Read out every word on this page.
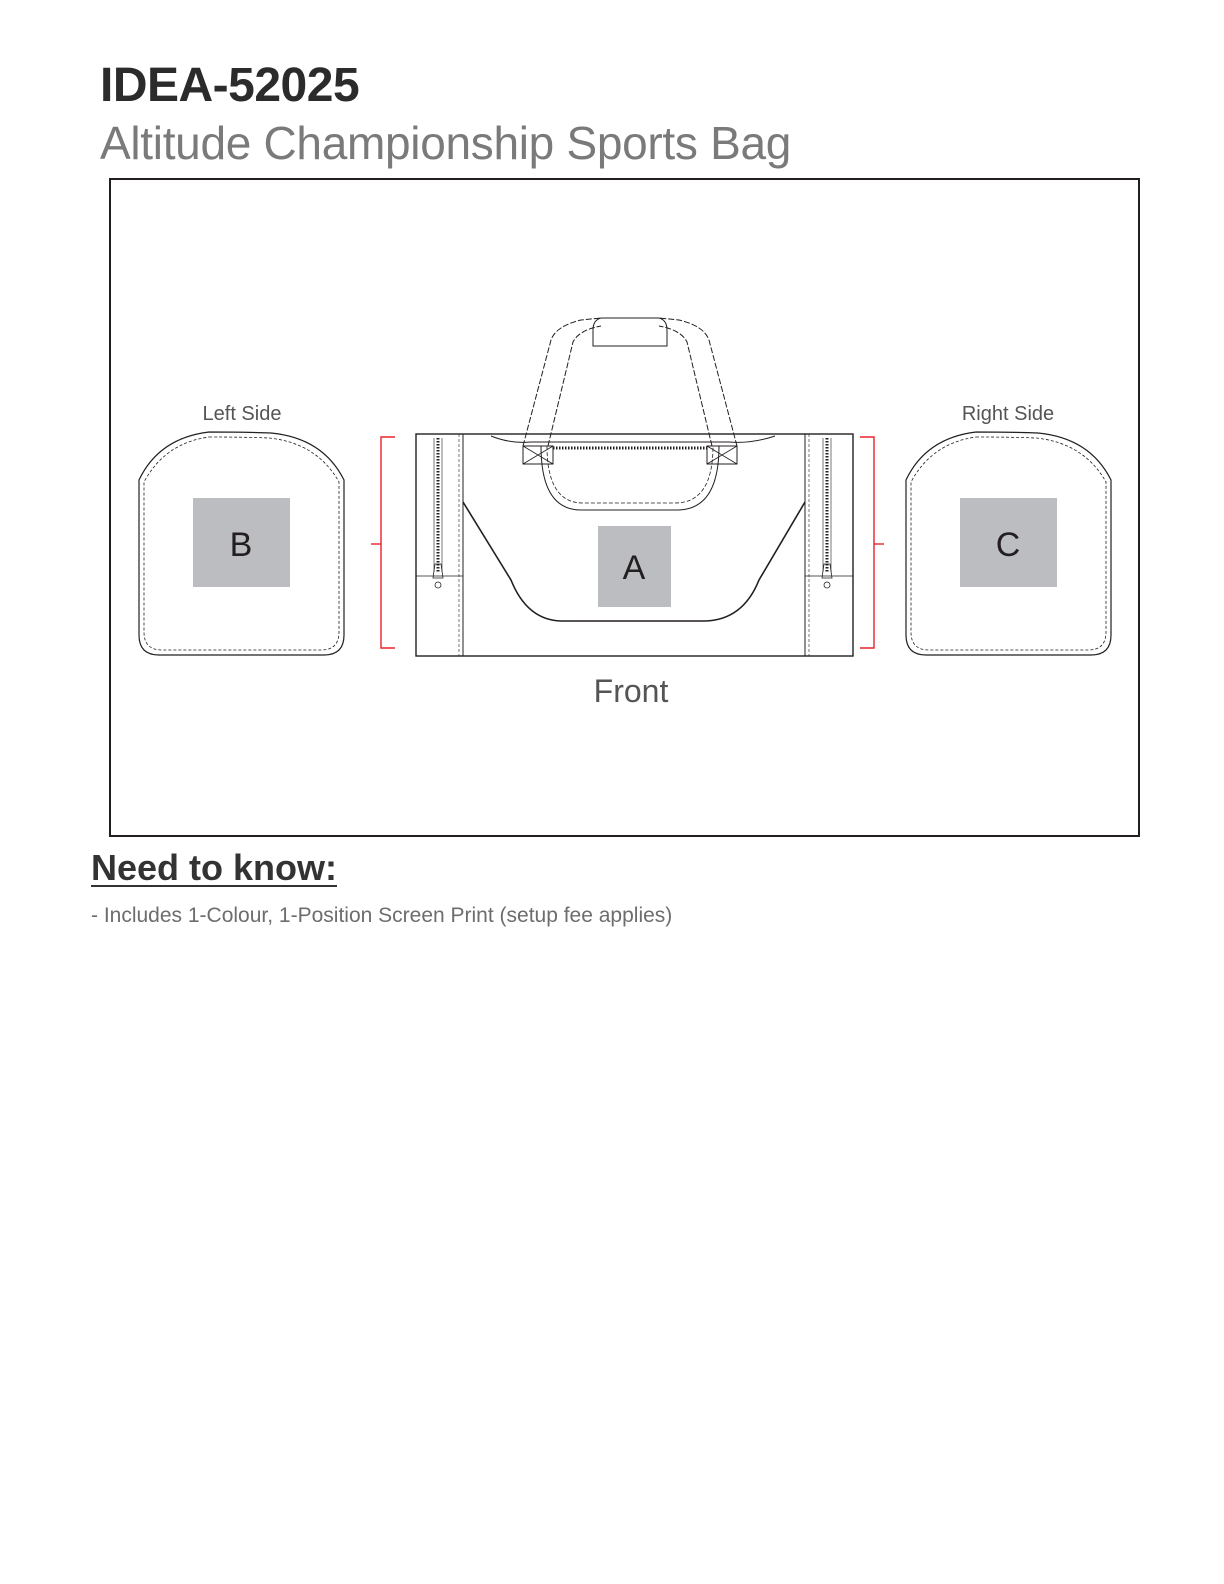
IDEA-52025
Altitude Championship Sports Bag
Left Side
B
Right Side
C
A
Front
Need to know:
- Includes 1-Colour, 1-Position Screen Print (setup fee applies)
